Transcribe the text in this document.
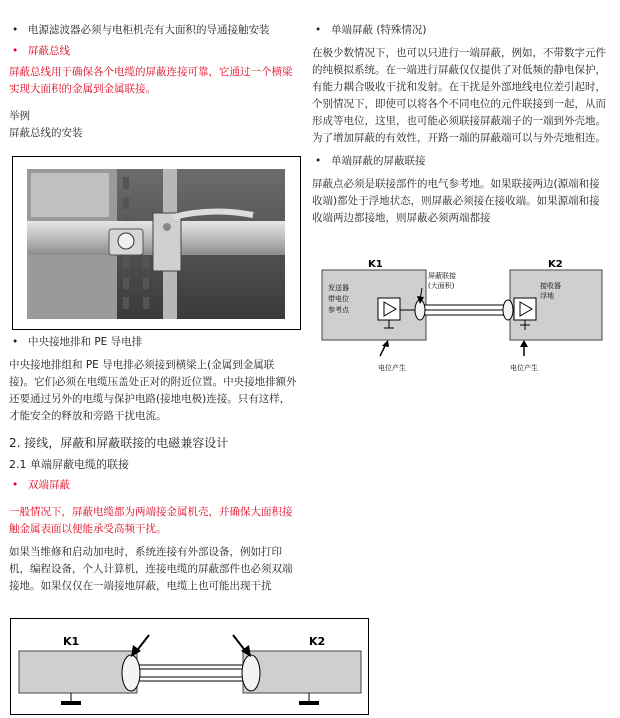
• 电源滤波器必须与电柜机壳有大面积的导通接触安装
• 屏蔽总线

屏蔽总线用于确保各个电缆的屏蔽连接可靠，它通过一个横梁实现大面积的金属到金属联接。

举例

屏蔽总线的安装

• 中央接地排和 PE 导电排

中央接地排组和 PE 导电排必须接到横梁上(金属到金属联接)。它们必须在电缆压盖处正对的附近位置。中央接地排额外还要通过另外的电缆与保护电路(接地电极)连接。只有这样，才能安全的释放和旁路干扰电流。

2. 接线，屏蔽和屏蔽联接的电磁兼容设计

2.1 单端屏蔽电缆的联接

• 双端屏蔽

一般情况下，屏蔽电缆都为两端接金属机壳，并确保大面积接触金属表面以便能承受高频干扰。

如果当维修和启动加电时，系统连接有外部设备，例如打印机，编程设备，个人计算机，连接电缆的屏蔽部件也必须双端接地。如果仅仅在一端接地屏蔽，电缆上也可能出现干扰

K1	K2
• 单端屏蔽 (特殊情况)

在极少数情况下，也可以只进行一端屏蔽，例如，不带数字元件的纯模拟系统。在一端进行屏蔽仅仅提供了对低频的静电保护，有能力耦合吸收干扰和发射。在干扰是外部地线电位差引起时，个别情况下，即使可以将各个不同电位的元件联接到一起，从而形成等电位，这里，也可能必须联接屏蔽端子的一端到外壳地。为了增加屏蔽的有效性，开路一端的屏蔽端可以与外壳地相连。

• 单端屏蔽的屏蔽联接

屏蔽点必须是联接部件的电气参考地。如果联接两边(源端和接收端)都处于浮地状态，则屏蔽必须接在接收端。如果源端和接收端两边都接地，则屏蔽必须两端都接

K1	K2
发送器
带电位
参考点
屏蔽联接
(大面积)	接收器
浮地
电位产生	电位产生
